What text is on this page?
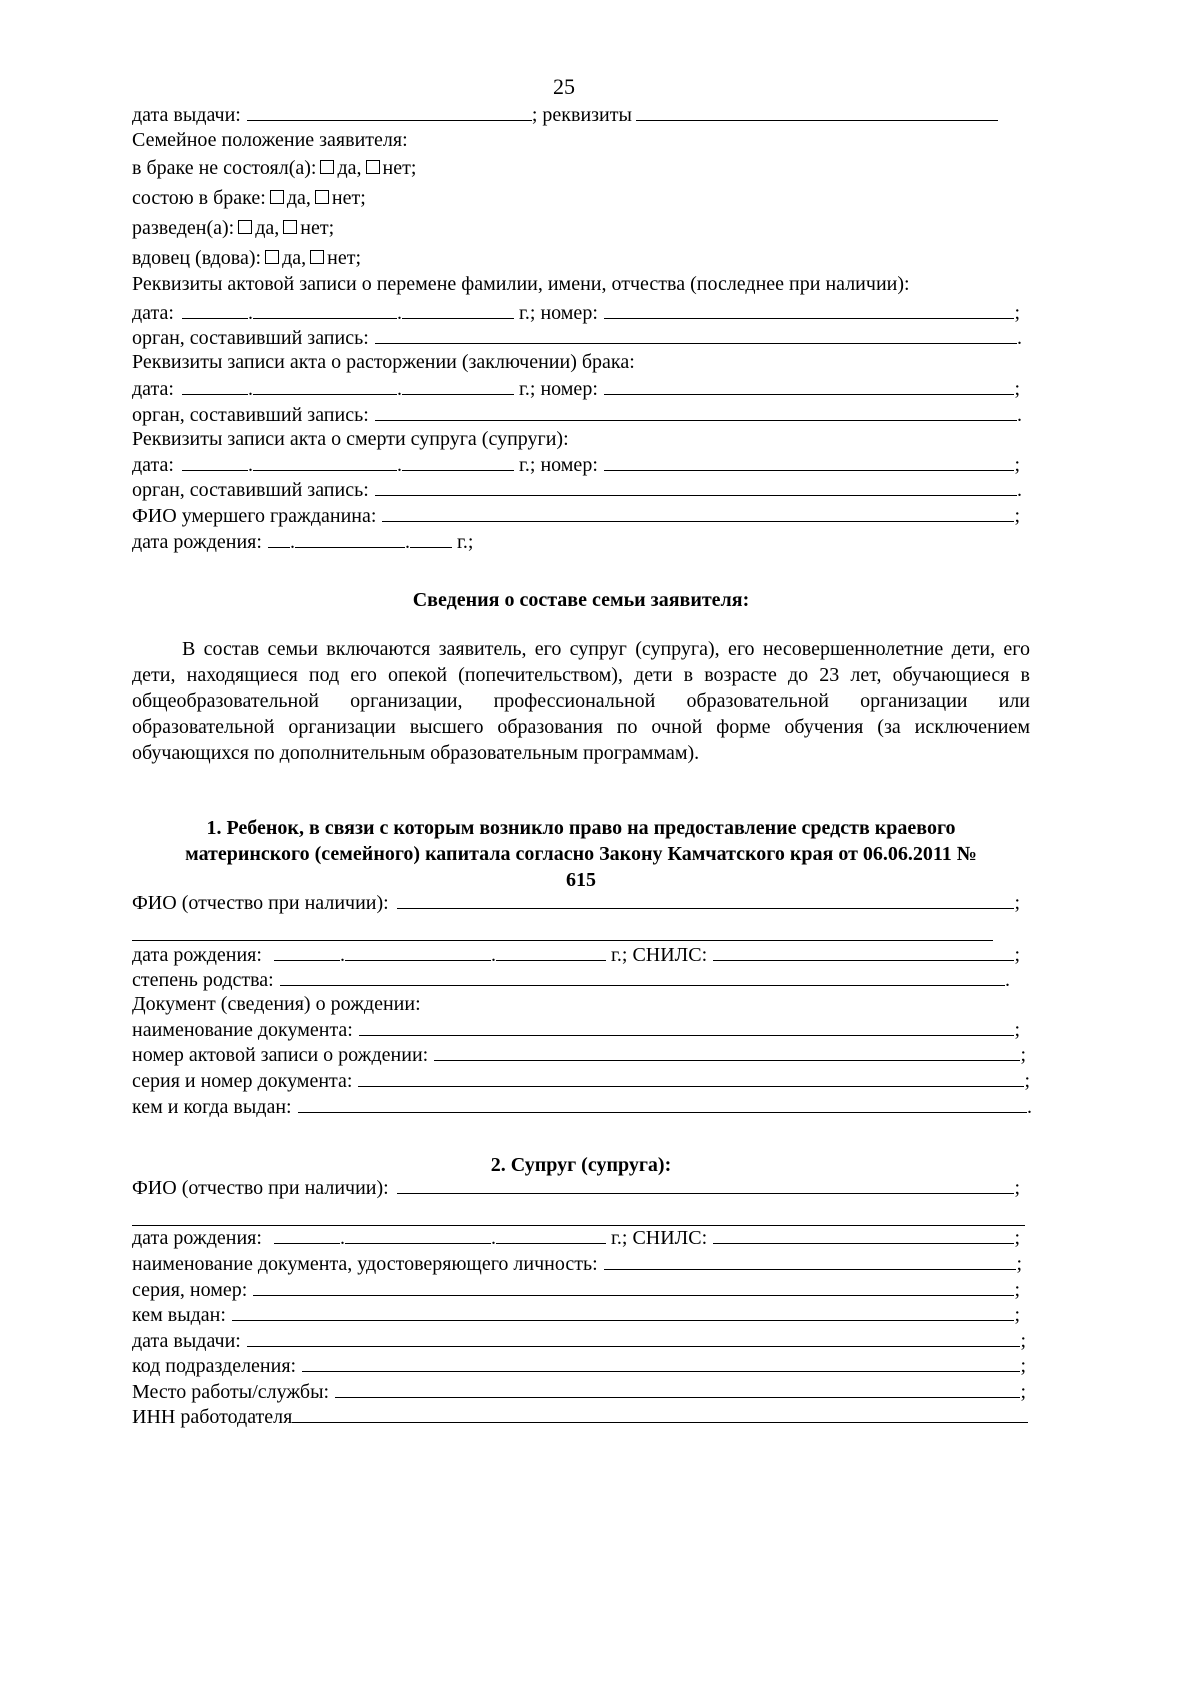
25
дата выдачи:	; реквизиты
Семейное положение заявителя:
в браке не состоял(а): да, нет;
состою в браке: да, нет;
разведен(а): да, нет;
вдовец (вдова): да, нет;
Реквизиты актовой записи о перемене фамилии, имени, отчества (последнее при наличии):
дата:	.	.	г.; номер:	;
орган, составивший запись:	.
Реквизиты записи акта о расторжении (заключении) брака:
дата:	.	.	г.; номер:	;
орган, составивший запись:	.
Реквизиты записи акта о смерти супруга (супруги):
дата:	.	.	г.; номер:	;
орган, составивший запись:	.
ФИО умершего гражданина:	;
дата рождения: .	. г.;
Сведения о составе семьи заявителя:
В состав семьи включаются заявитель, его супруг (супруга), его несовершеннолетние дети, его дети, находящиеся под его опекой (попечительством), дети в возрасте до 23 лет, обучающиеся в общеобразовательной организации, профессиональной образовательной организации или образовательной организации высшего образования по очной форме обучения (за исключением обучающихся по дополнительным образовательным программам).
1. Ребенок, в связи с которым возникло право на предоставление средств краевого
материнского (семейного) капитала согласно Закону Камчатского края от 06.06.2011 №
615
ФИО (отчество при наличии):	;
дата рождения:	.	.	г.; СНИЛС:	;
степень родства:	.
Документ (сведения) о рождении:
наименование документа:	;
номер актовой записи о рождении:	;
серия и номер документа:	;
кем и когда выдан:	.
2. Супруг (супруга):
ФИО (отчество при наличии):	;
дата рождения:	.	.	г.; СНИЛС:	;
наименование документа, удостоверяющего личность:	;
серия, номер:	;
кем выдан:	;
дата выдачи:	;
код подразделения:	;
Место работы/службы:	;
ИНН работодателя
